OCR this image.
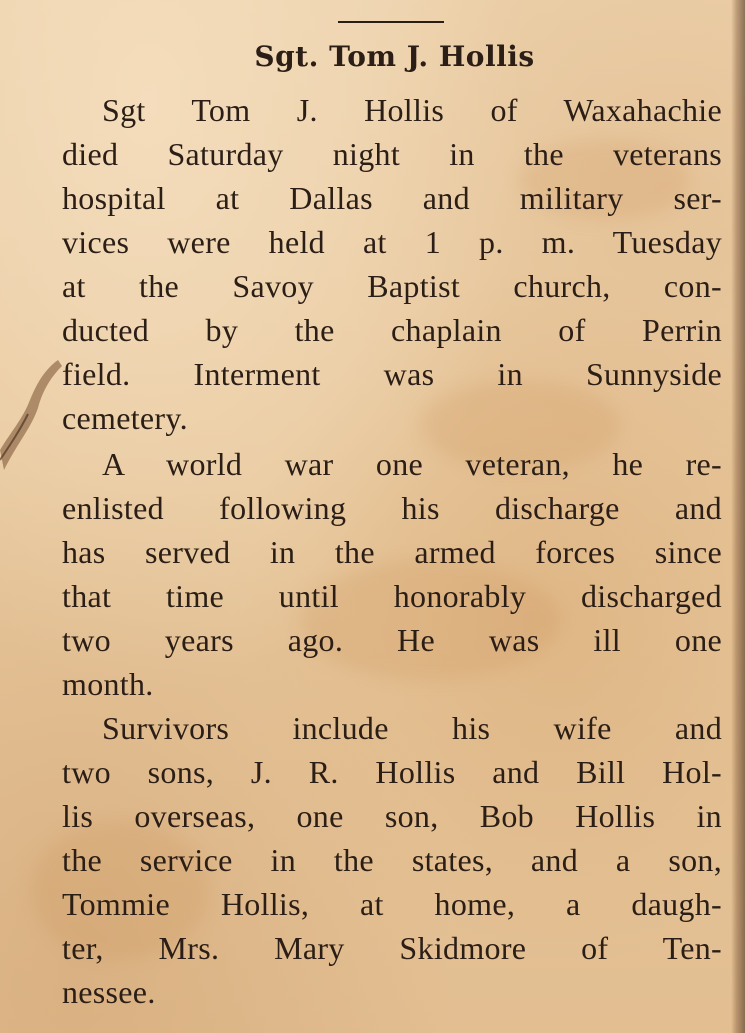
Sgt. Tom J. Hollis
Sgt Tom J. Hollis of Waxahachie
died Saturday night in the veterans
hospital at Dallas and military ser-
vices were held at 1 p. m. Tuesday
at the Savoy Baptist church, con-
ducted by the chaplain of Perrin
field. Interment was in Sunnyside
cemetery.
A world war one veteran, he re-
enlisted following his discharge and
has served in the armed forces since
that time until honorably discharged
two years ago. He was ill one
month.
Survivors include his wife and
two sons, J. R. Hollis and Bill Hol-
lis overseas, one son, Bob Hollis in
the service in the states, and a son,
Tommie Hollis, at home, a daugh-
ter, Mrs. Mary Skidmore of Ten-
nessee.
